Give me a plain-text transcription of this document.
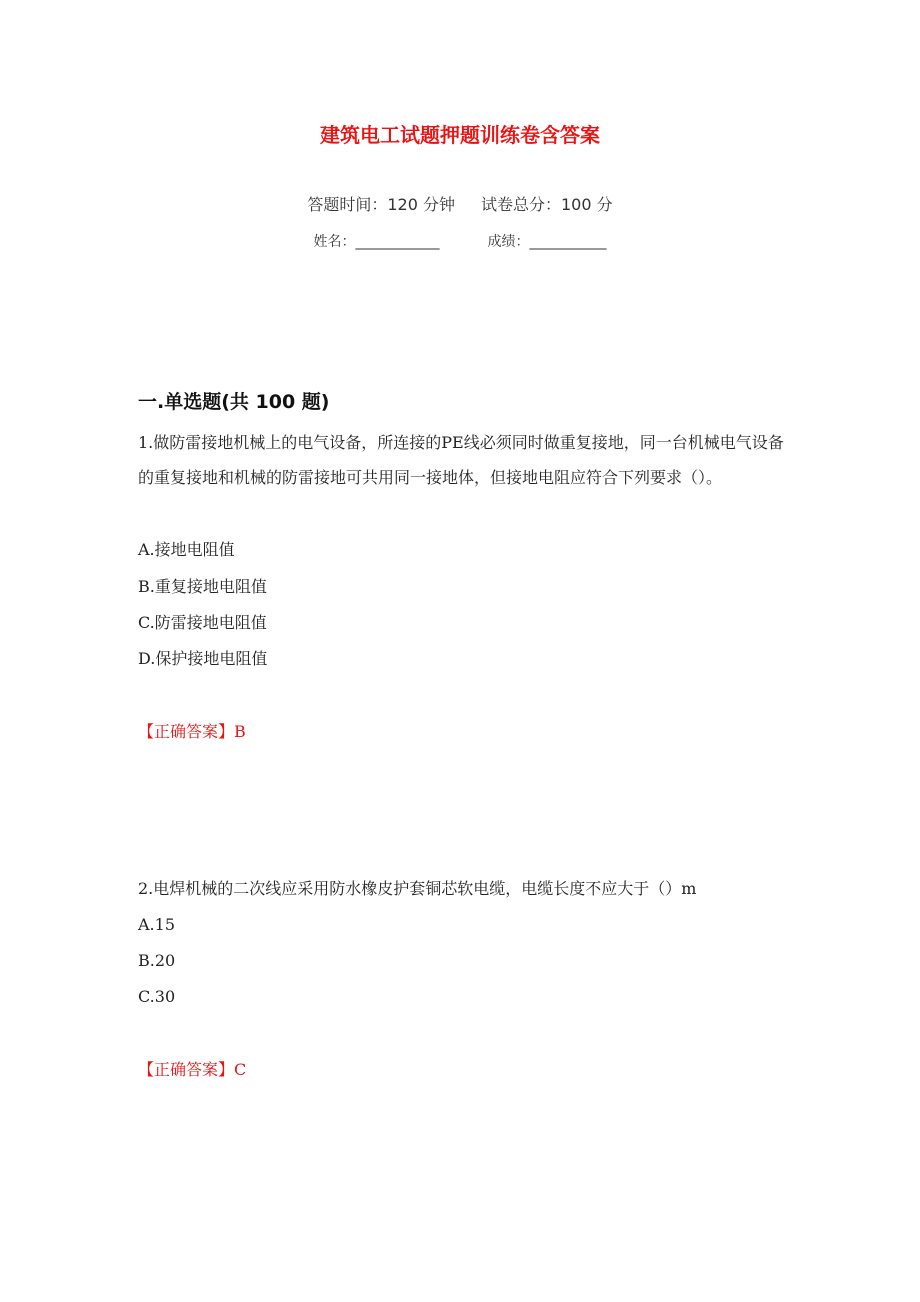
建筑电工试题押题训练卷含答案
答题时间：120 分钟 试卷总分：100 分
姓名：____________	成绩：___________
一.单选题(共 100 题)
1.做防雷接地机械上的电气设备，所连接的PE线必须同时做重复接地，同一台机械电气设备的重复接地和机械的防雷接地可共用同一接地体，但接地电阻应符合下列要求（）。
A.接地电阻值
B.重复接地电阻值
C.防雷接地电阻值
D.保护接地电阻值
【正确答案】B
2.电焊机械的二次线应采用防水橡皮护套铜芯软电缆，电缆长度不应大于（）m
A.15
B.20
C.30
【正确答案】C
